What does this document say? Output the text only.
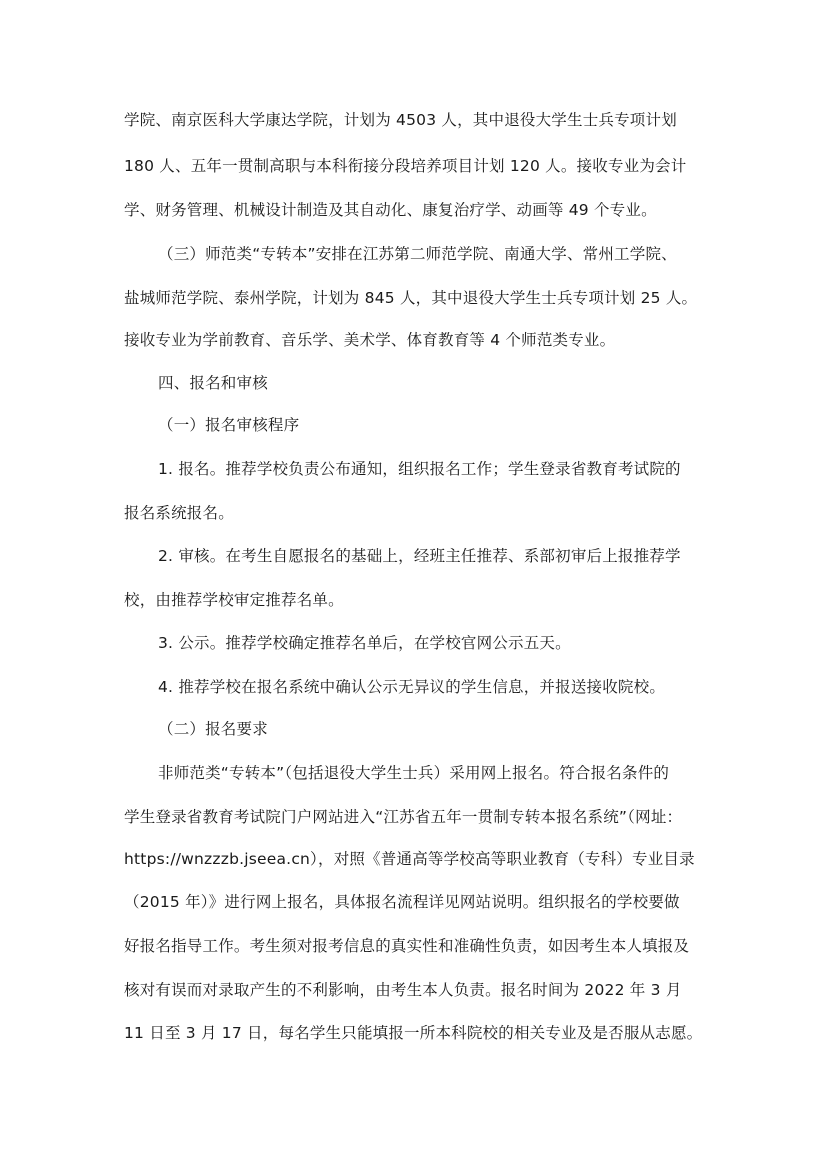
学院、南京医科大学康达学院，计划为 4503 人，其中退役大学生士兵专项计划
180 人、五年一贯制高职与本科衔接分段培养项目计划 120 人。接收专业为会计
学、财务管理、机械设计制造及其自动化、康复治疗学、动画等 49 个专业。
（三）师范类“专转本”安排在江苏第二师范学院、南通大学、常州工学院、
盐城师范学院、泰州学院，计划为 845 人，其中退役大学生士兵专项计划 25 人。
接收专业为学前教育、音乐学、美术学、体育教育等 4 个师范类专业。
四、报名和审核
（一）报名审核程序
1. 报名。推荐学校负责公布通知，组织报名工作；学生登录省教育考试院的
报名系统报名。
2. 审核。在考生自愿报名的基础上，经班主任推荐、系部初审后上报推荐学
校，由推荐学校审定推荐名单。
3. 公示。推荐学校确定推荐名单后，在学校官网公示五天。
4. 推荐学校在报名系统中确认公示无异议的学生信息，并报送接收院校。
（二）报名要求
非师范类“专转本”（包括退役大学生士兵）采用网上报名。符合报名条件的
学生登录省教育考试院门户网站进入“江苏省五年一贯制专转本报名系统”（网址：
https://wnzzzb.jseea.cn），对照《普通高等学校高等职业教育（专科）专业目录
（2015 年）》进行网上报名，具体报名流程详见网站说明。组织报名的学校要做
好报名指导工作。考生须对报考信息的真实性和准确性负责，如因考生本人填报及
核对有误而对录取产生的不利影响，由考生本人负责。报名时间为 2022 年 3 月
11 日至 3 月 17 日，每名学生只能填报一所本科院校的相关专业及是否服从志愿。
